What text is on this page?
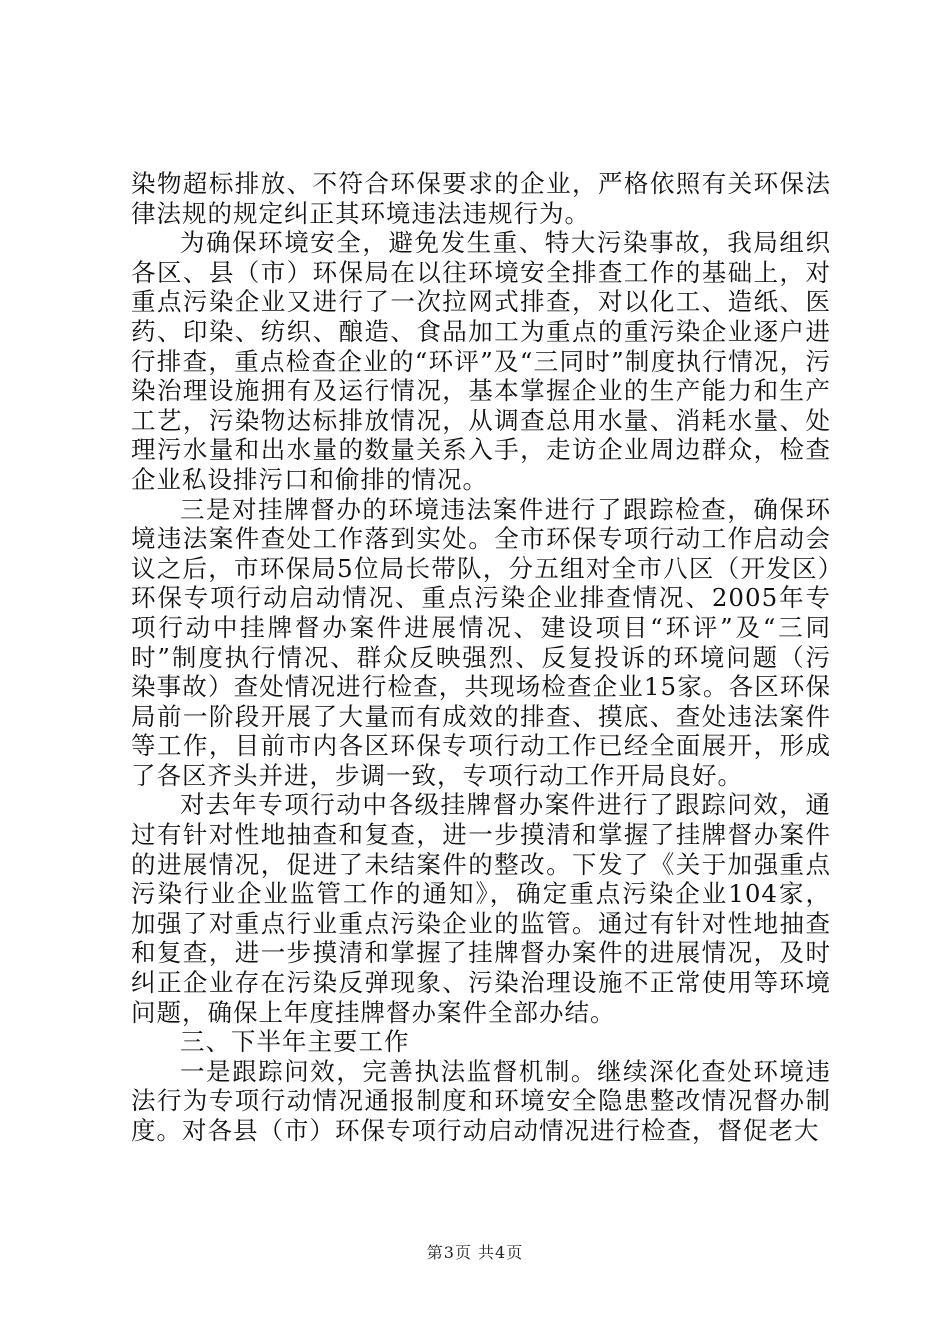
染物超标排放、不符合环保要求的企业，严格依照有关环保法律法规的规定纠正其环境违法违规行为。

为确保环境安全，避免发生重、特大污染事故，我局组织各区、县（市）环保局在以往环境安全排查工作的基础上，对重点污染企业又进行了一次拉网式排查，对以化工、造纸、医药、印染、纺织、酿造、食品加工为重点的重污染企业逐户进行排查，重点检查企业的“环评”及“三同时”制度执行情况，污染治理设施拥有及运行情况，基本掌握企业的生产能力和生产工艺，污染物达标排放情况，从调查总用水量、消耗水量、处理污水量和出水量的数量关系入手，走访企业周边群众，检查企业私设排污口和偷排的情况。

三是对挂牌督办的环境违法案件进行了跟踪检查，确保环境违法案件查处工作落到实处。全市环保专项行动工作启动会议之后，市环保局5位局长带队，分五组对全市八区（开发区）环保专项行动启动情况、重点污染企业排查情况、2005年专项行动中挂牌督办案件进展情况、建设项目“环评”及“三同时”制度执行情况、群众反映强烈、反复投诉的环境问题（污染事故）查处情况进行检查，共现场检查企业15家。各区环保局前一阶段开展了大量而有成效的排查、摸底、查处违法案件等工作，目前市内各区环保专项行动工作已经全面展开，形成了各区齐头并进，步调一致，专项行动工作开局良好。

对去年专项行动中各级挂牌督办案件进行了跟踪问效，通过有针对性地抽查和复查，进一步摸清和掌握了挂牌督办案件的进展情况，促进了未结案件的整改。下发了《关于加强重点污染行业企业监管工作的通知》，确定重点污染企业104家，加强了对重点行业重点污染企业的监管。通过有针对性地抽查和复查，进一步摸清和掌握了挂牌督办案件的进展情况，及时纠正企业存在污染反弹现象、污染治理设施不正常使用等环境问题，确保上年度挂牌督办案件全部办结。

三、下半年主要工作

一是跟踪问效，完善执法监督机制。继续深化查处环境违法行为专项行动情况通报制度和环境安全隐患整改情况督办制度。对各县（市）环保专项行动启动情况进行检查，督促老大

第3页 共4页
